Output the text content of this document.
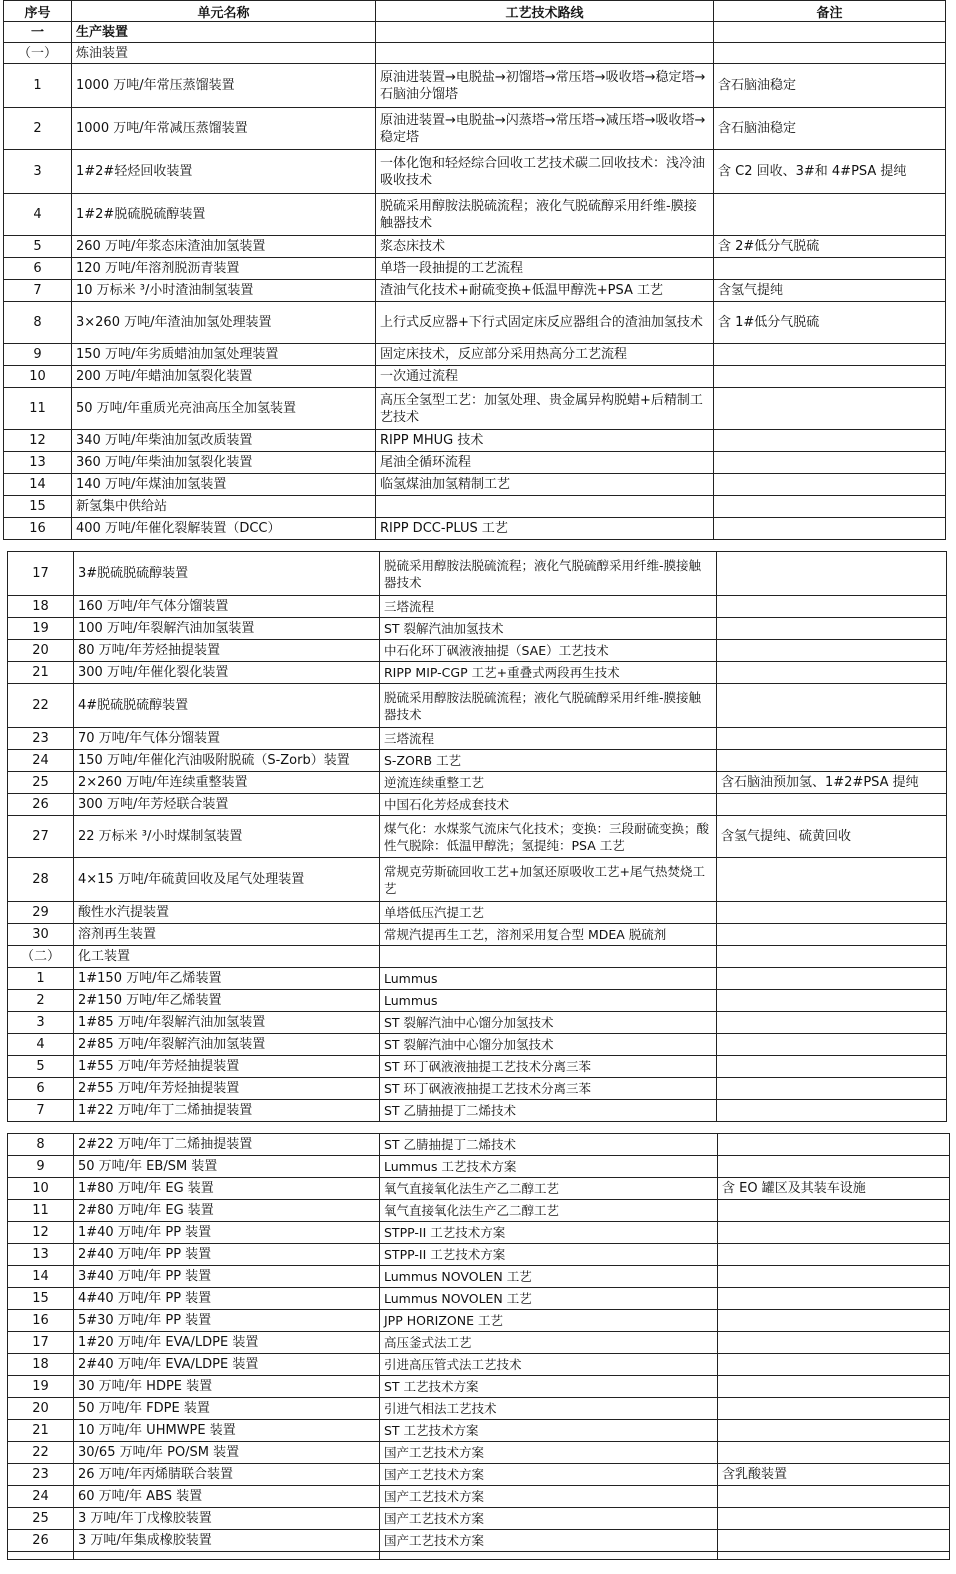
序号	单元名称	工艺技术路线	备注
一	生产装置		
（一）	炼油装置		
1	1000 万吨/年常压蒸馏装置	原油进装置→电脱盐→初馏塔→常压塔→吸收塔→稳定塔→石脑油分馏塔	含石脑油稳定
2	1000 万吨/年常减压蒸馏装置	原油进装置→电脱盐→闪蒸塔→常压塔→减压塔→吸收塔→稳定塔	含石脑油稳定
3	1#2#轻烃回收装置	一体化饱和轻烃综合回收工艺技术碳二回收技术：浅冷油吸收技术	含 C2 回收、3#和 4#PSA 提纯
4	1#2#脱硫脱硫醇装置	脱硫采用醇胺法脱硫流程；液化气脱硫醇采用纤维-膜接触器技术	
5	260 万吨/年浆态床渣油加氢装置	浆态床技术	含 2#低分气脱硫
6	120 万吨/年溶剂脱沥青装置	单塔一段抽提的工艺流程	
7	10 万标米 ³/小时渣油制氢装置	渣油气化技术+耐硫变换+低温甲醇洗+PSA 工艺	含氢气提纯
8	3×260 万吨/年渣油加氢处理装置	上行式反应器+下行式固定床反应器组合的渣油加氢技术	含 1#低分气脱硫
9	150 万吨/年劣质蜡油加氢处理装置	固定床技术，反应部分采用热高分工艺流程	
10	200 万吨/年蜡油加氢裂化装置	一次通过流程	
11	50 万吨/年重质光亮油高压全加氢装置	高压全氢型工艺：加氢处理、贵金属异构脱蜡+后精制工艺技术	
12	340 万吨/年柴油加氢改质装置	RIPP MHUG 技术	
13	360 万吨/年柴油加氢裂化装置	尾油全循环流程	
14	140 万吨/年煤油加氢装置	临氢煤油加氢精制工艺	
15	新氢集中供给站		
16	400 万吨/年催化裂解装置（DCC）	RIPP DCC-PLUS 工艺	
17	3#脱硫脱硫醇装置	脱硫采用醇胺法脱硫流程；液化气脱硫醇采用纤维-膜接触器技术	
18	160 万吨/年气体分馏装置	三塔流程	
19	100 万吨/年裂解汽油加氢装置	ST 裂解汽油加氢技术	
20	80 万吨/年芳烃抽提装置	中石化环丁砜液液抽提（SAE）工艺技术	
21	300 万吨/年催化裂化装置	RIPP MIP-CGP 工艺+重叠式两段再生技术	
22	4#脱硫脱硫醇装置	脱硫采用醇胺法脱硫流程；液化气脱硫醇采用纤维-膜接触器技术	
23	70 万吨/年气体分馏装置	三塔流程	
24	150 万吨/年催化汽油吸附脱硫（S-Zorb）装置	S-ZORB 工艺	
25	2×260 万吨/年连续重整装置	逆流连续重整工艺	含石脑油预加氢、1#2#PSA 提纯
26	300 万吨/年芳烃联合装置	中国石化芳烃成套技术	
27	22 万标米 ³/小时煤制氢装置	煤气化：水煤浆气流床气化技术；变换：三段耐硫变换；酸性气脱除：低温甲醇洗；氢提纯：PSA 工艺	含氢气提纯、硫黄回收
28	4×15 万吨/年硫黄回收及尾气处理装置	常规克劳斯硫回收工艺+加氢还原吸收工艺+尾气热焚烧工艺	
29	酸性水汽提装置	单塔低压汽提工艺	
30	溶剂再生装置	常规汽提再生工艺，溶剂采用复合型 MDEA 脱硫剂	
（二）	化工装置		
1	1#150 万吨/年乙烯装置	Lummus	
2	2#150 万吨/年乙烯装置	Lummus	
3	1#85 万吨/年裂解汽油加氢装置	ST 裂解汽油中心馏分加氢技术	
4	2#85 万吨/年裂解汽油加氢装置	ST 裂解汽油中心馏分加氢技术	
5	1#55 万吨/年芳烃抽提装置	ST 环丁砜液液抽提工艺技术分离三苯	
6	2#55 万吨/年芳烃抽提装置	ST 环丁砜液液抽提工艺技术分离三苯	
7	1#22 万吨/年丁二烯抽提装置	ST 乙腈抽提丁二烯技术	
8	2#22 万吨/年丁二烯抽提装置	ST 乙腈抽提丁二烯技术	
9	50 万吨/年 EB/SM 装置	Lummus 工艺技术方案	
10	1#80 万吨/年 EG 装置	氧气直接氧化法生产乙二醇工艺	含 EO 罐区及其装车设施
11	2#80 万吨/年 EG 装置	氧气直接氧化法生产乙二醇工艺	
12	1#40 万吨/年 PP 装置	STPP-II 工艺技术方案	
13	2#40 万吨/年 PP 装置	STPP-II 工艺技术方案	
14	3#40 万吨/年 PP 装置	Lummus NOVOLEN 工艺	
15	4#40 万吨/年 PP 装置	Lummus NOVOLEN 工艺	
16	5#30 万吨/年 PP 装置	JPP HORIZONE 工艺	
17	1#20 万吨/年 EVA/LDPE 装置	高压釜式法工艺	
18	2#40 万吨/年 EVA/LDPE 装置	引进高压管式法工艺技术	
19	30 万吨/年 HDPE 装置	ST 工艺技术方案	
20	50 万吨/年 FDPE 装置	引进气相法工艺技术	
21	10 万吨/年 UHMWPE 装置	ST 工艺技术方案	
22	30/65 万吨/年 PO/SM 装置	国产工艺技术方案	
23	26 万吨/年丙烯腈联合装置	国产工艺技术方案	含乳酸装置
24	60 万吨/年 ABS 装置	国产工艺技术方案	
25	3 万吨/年丁戊橡胶装置	国产工艺技术方案	
26	3 万吨/年集成橡胶装置	国产工艺技术方案	
